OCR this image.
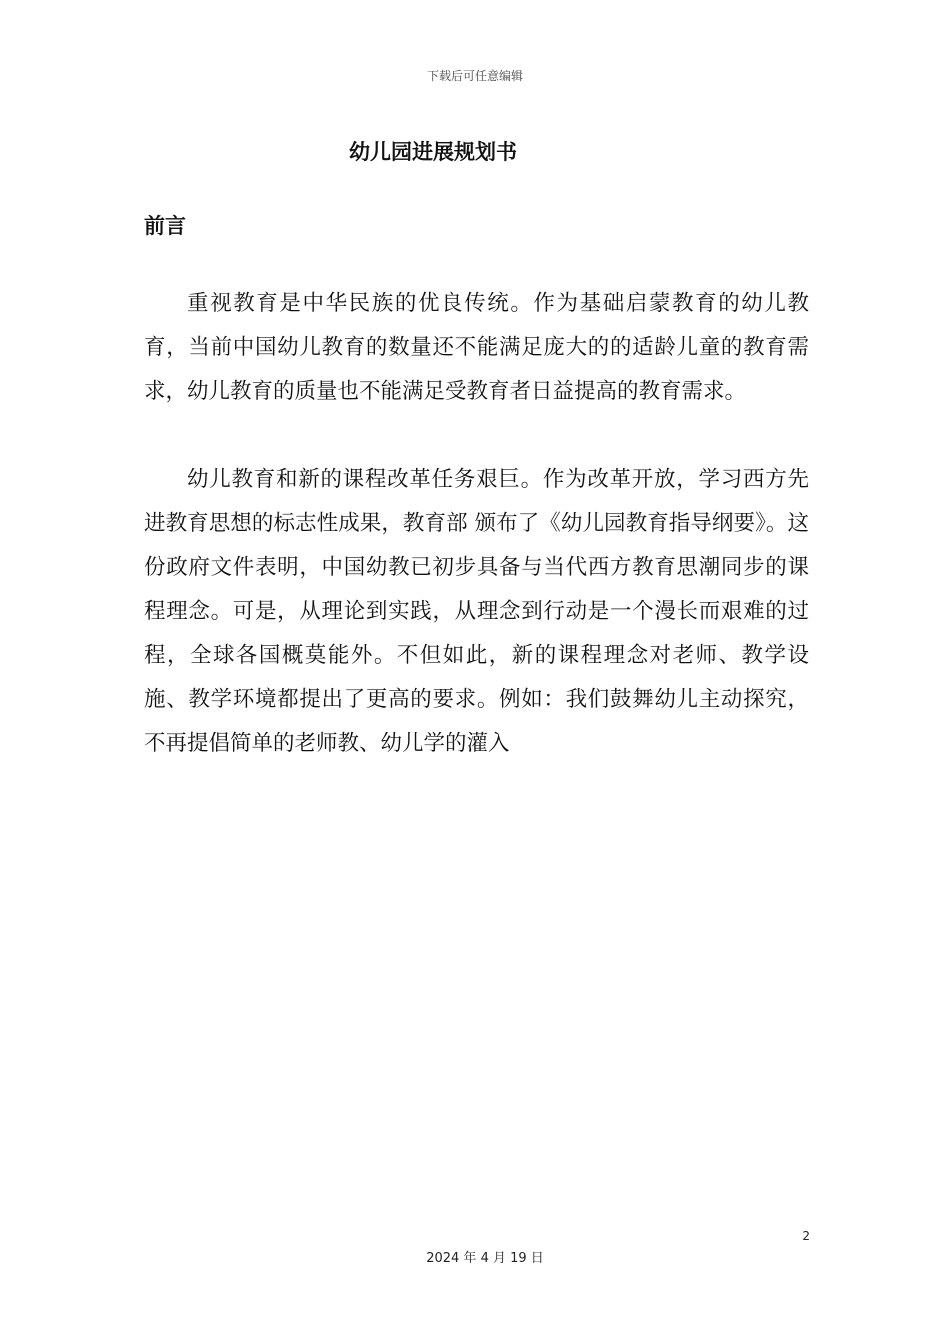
下载后可任意编辑
幼儿园进展规划书
前言

重视教育是中华民族的优良传统。作为基础启蒙教育的幼儿教育，当前中国幼儿教育的数量还不能满足庞大的的适龄儿童的教育需求，幼儿教育的质量也不能满足受教育者日益提高的教育需求。

幼儿教育和新的课程改革任务艰巨。作为改革开放，学习西方先进教育思想的标志性成果，教育部 颁布了《幼儿园教育指导纲要》。这份政府文件表明，中国幼教已初步具备与当代西方教育思潮同步的课程理念。可是，从理论到实践，从理念到行动是一个漫长而艰难的过程，全球各国概莫能外。不但如此，新的课程理念对老师、教学设施、教学环境都提出了更高的要求。例如：我们鼓舞幼儿主动探究，不再提倡简单的老师教、幼儿学的灌入

2
2024 年 4 月 19 日
